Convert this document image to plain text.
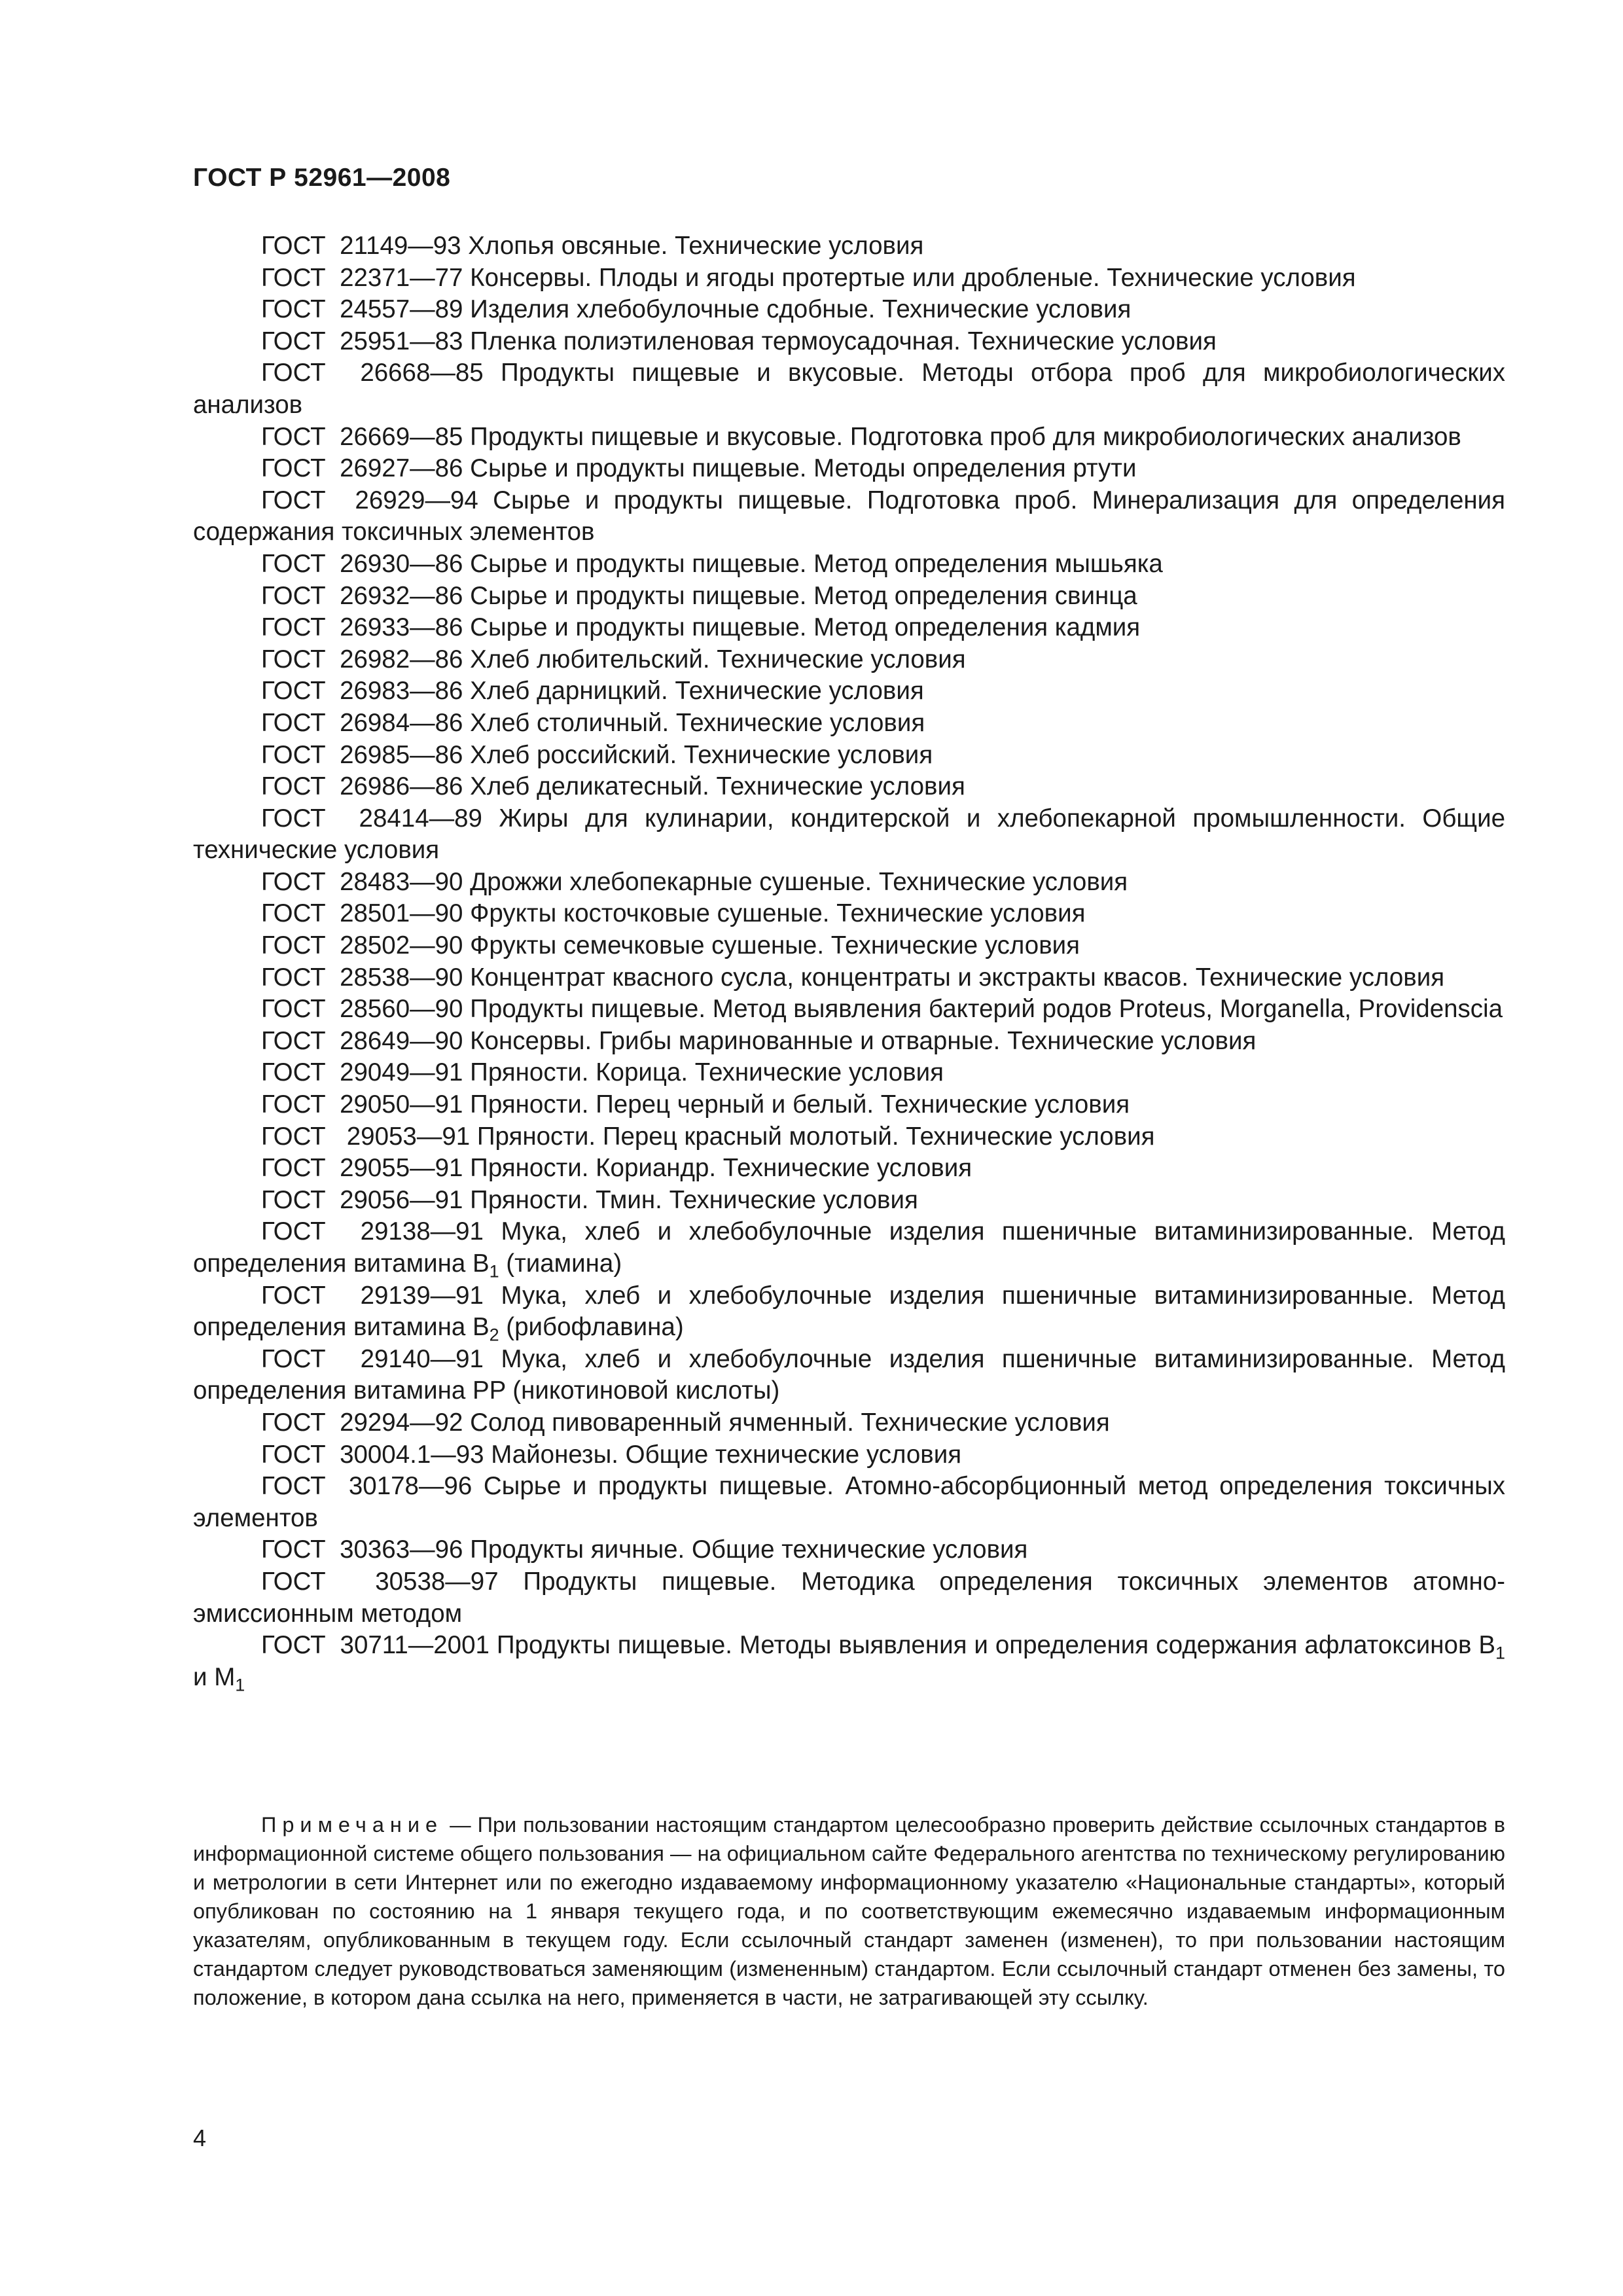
ГОСТ Р 52961—2008

ГОСТ  21149—93 Хлопья овсяные. Технические условия

ГОСТ  22371—77 Консервы. Плоды и ягоды протертые или дробленые. Технические условия

ГОСТ  24557—89 Изделия хлебобулочные сдобные. Технические условия

ГОСТ  25951—83 Пленка полиэтиленовая термоусадочная. Технические условия

ГОСТ  26668—85 Продукты пищевые и вкусовые. Методы отбора проб для микробиологических анализов

ГОСТ  26669—85 Продукты пищевые и вкусовые. Подготовка проб для микробиологических анализов

ГОСТ  26927—86 Сырье и продукты пищевые. Методы определения ртути

ГОСТ  26929—94 Сырье и продукты пищевые. Подготовка проб. Минерализация для определения содержания токсичных элементов

ГОСТ  26930—86 Сырье и продукты пищевые. Метод определения мышьяка

ГОСТ  26932—86 Сырье и продукты пищевые. Метод определения свинца

ГОСТ  26933—86 Сырье и продукты пищевые. Метод определения кадмия

ГОСТ  26982—86 Хлеб любительский. Технические условия

ГОСТ  26983—86 Хлеб дарницкий. Технические условия

ГОСТ  26984—86 Хлеб столичный. Технические условия

ГОСТ  26985—86 Хлеб российский. Технические условия

ГОСТ  26986—86 Хлеб деликатесный. Технические условия

ГОСТ  28414—89 Жиры для кулинарии, кондитерской и хлебопекарной промышленности. Общие технические условия

ГОСТ  28483—90 Дрожжи хлебопекарные сушеные. Технические условия

ГОСТ  28501—90 Фрукты косточковые сушеные. Технические условия

ГОСТ  28502—90 Фрукты семечковые сушеные. Технические условия

ГОСТ  28538—90 Концентрат квасного сусла, концентраты и экстракты квасов. Технические условия

ГОСТ  28560—90 Продукты пищевые. Метод выявления бактерий родов Proteus, Morganella, Providenscia

ГОСТ  28649—90 Консервы. Грибы маринованные и отварные. Технические условия

ГОСТ  29049—91 Пряности. Корица. Технические условия

ГОСТ  29050—91 Пряности. Перец черный и белый. Технические условия

ГОСТ   29053—91 Пряности. Перец красный молотый. Технические условия

ГОСТ  29055—91 Пряности. Кориандр. Технические условия

ГОСТ  29056—91 Пряности. Тмин. Технические условия

ГОСТ  29138—91 Мука, хлеб и хлебобулочные изделия пшеничные витаминизированные. Метод определения витамина $B_1$ (тиамина)

ГОСТ  29139—91 Мука, хлеб и хлебобулочные изделия пшеничные витаминизированные. Метод определения витамина $B_2$ (рибофлавина)

ГОСТ  29140—91 Мука, хлеб и хлебобулочные изделия пшеничные витаминизированные. Метод определения витамина PP (никотиновой кислоты)

ГОСТ  29294—92 Солод пивоваренный ячменный. Технические условия

ГОСТ  30004.1—93 Майонезы. Общие технические условия

ГОСТ  30178—96 Сырье и продукты пищевые. Атомно-абсорбционный метод определения токсичных элементов

ГОСТ  30363—96 Продукты яичные. Общие технические условия

ГОСТ  30538—97 Продукты пищевые. Методика определения токсичных элементов атомно-эмиссионным методом

ГОСТ  30711—2001 Продукты пищевые. Методы выявления и определения содержания афлатоксинов $B_1$ и $M_1$

Примечание — При пользовании настоящим стандартом целесообразно проверить действие ссылочных стандартов в информационной системе общего пользования — на официальном сайте Федерального агентства по техническому регулированию и метрологии в сети Интернет или по ежегодно издаваемому информационному указателю «Национальные стандарты», который опубликован по состоянию на 1 января текущего года, и по соответствующим ежемесячно издаваемым информационным указателям, опубликованным в текущем году. Если ссылочный стандарт заменен (изменен), то при пользовании настоящим стандартом следует руководствоваться заменяющим (измененным) стандартом. Если ссылочный стандарт отменен без замены, то положение, в котором дана ссылка на него, применяется в части, не затрагивающей эту ссылку.
4
